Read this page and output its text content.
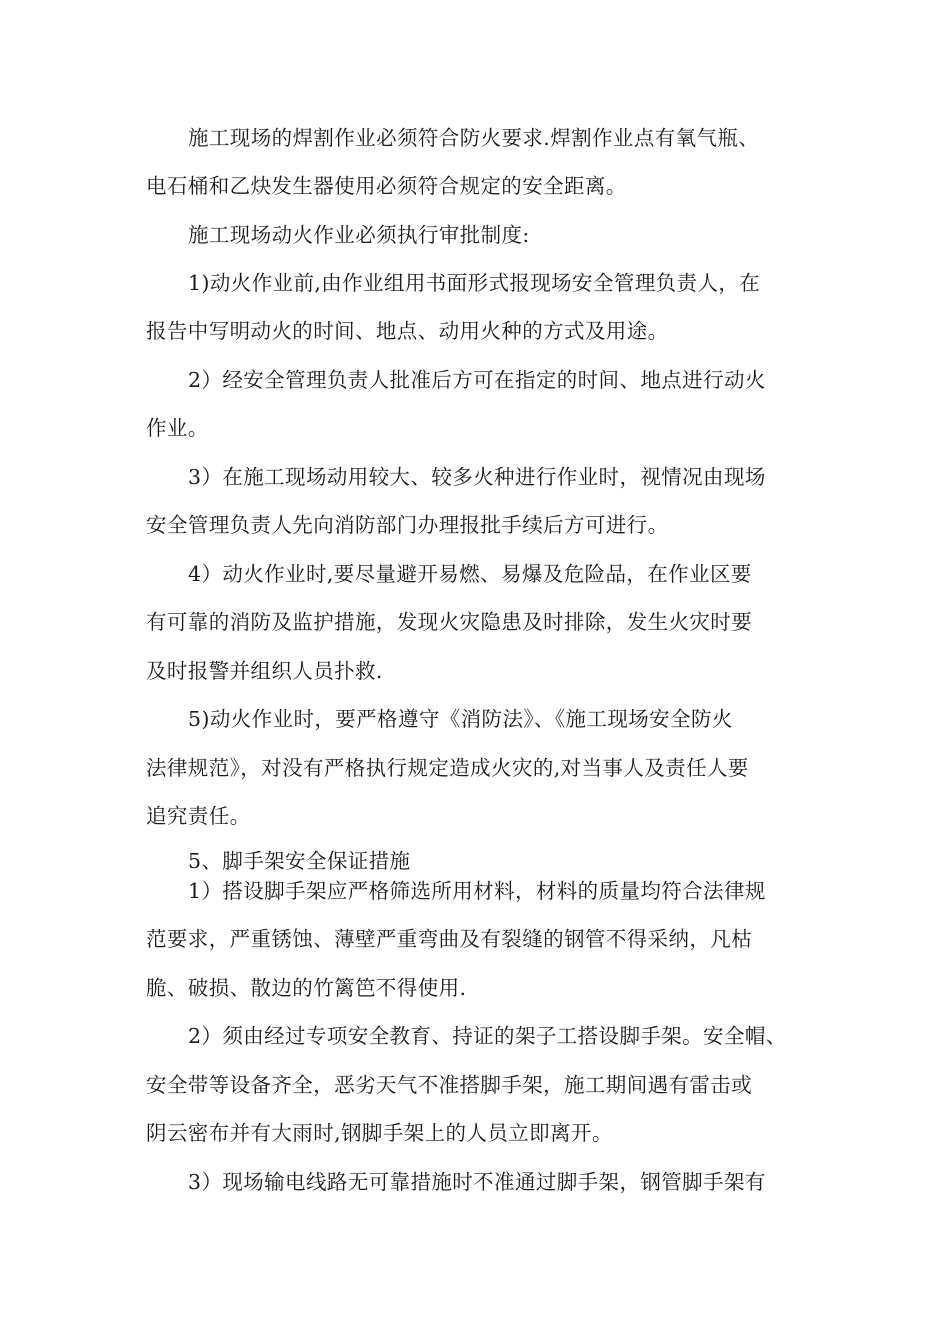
施工现场的焊割作业必须符合防火要求.焊割作业点有氧气瓶、
电石桶和乙炔发生器使用必须符合规定的安全距离。
施工现场动火作业必须执行审批制度:
1)动火作业前,由作业组用书面形式报现场安全管理负责人，在
报告中写明动火的时间、地点、动用火种的方式及用途。
2）经安全管理负责人批准后方可在指定的时间、地点进行动火
作业。
3）在施工现场动用较大、较多火种进行作业时，视情况由现场
安全管理负责人先向消防部门办理报批手续后方可进行。
4）动火作业时,要尽量避开易燃、易爆及危险品，在作业区要
有可靠的消防及监护措施，发现火灾隐患及时排除，发生火灾时要
及时报警并组织人员扑救.
5)动火作业时，要严格遵守《消防法》、《施工现场安全防火
法律规范》，对没有严格执行规定造成火灾的,对当事人及责任人要
追究责任。
5、脚手架安全保证措施
1）搭设脚手架应严格筛选所用材料，材料的质量均符合法律规
范要求，严重锈蚀、薄壁严重弯曲及有裂缝的钢管不得采纳，凡枯
脆、破损、散边的竹篱笆不得使用.
2）须由经过专项安全教育、持证的架子工搭设脚手架。安全帽、
安全带等设备齐全，恶劣天气不准搭脚手架，施工期间遇有雷击或
阴云密布并有大雨时,钢脚手架上的人员立即离开。
3）现场输电线路无可靠措施时不准通过脚手架，钢管脚手架有
